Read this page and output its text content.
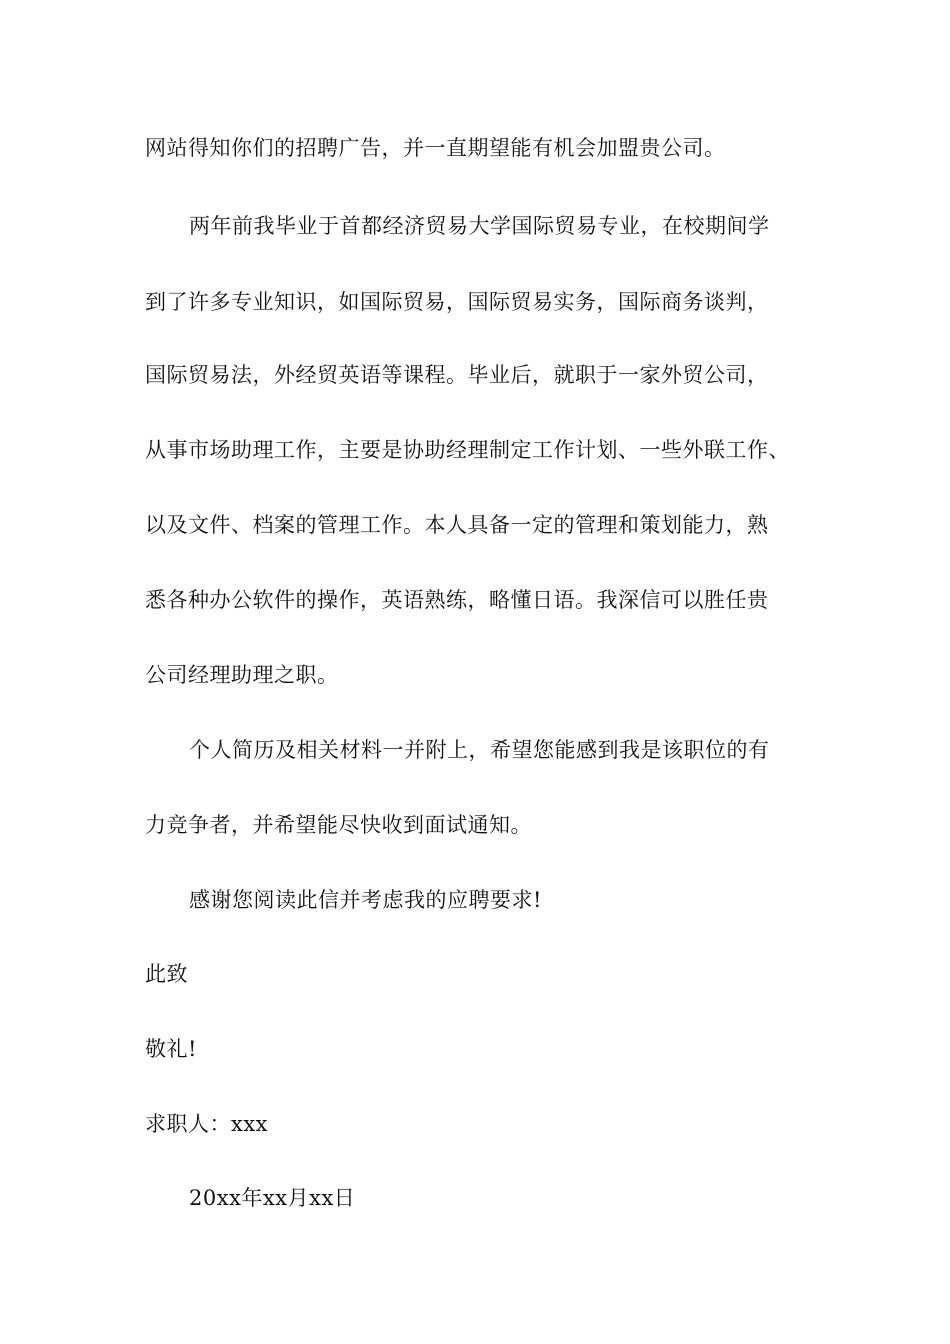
网站得知你们的招聘广告，并一直期望能有机会加盟贵公司。
两年前我毕业于首都经济贸易大学国际贸易专业，在校期间学
到了许多专业知识，如国际贸易，国际贸易实务，国际商务谈判，
国际贸易法，外经贸英语等课程。毕业后，就职于一家外贸公司，
从事市场助理工作，主要是协助经理制定工作计划、一些外联工作、
以及文件、档案的管理工作。本人具备一定的管理和策划能力，熟
悉各种办公软件的操作，英语熟练，略懂日语。我深信可以胜任贵
公司经理助理之职。
个人简历及相关材料一并附上，希望您能感到我是该职位的有
力竞争者，并希望能尽快收到面试通知。
感谢您阅读此信并考虑我的应聘要求!
此致
敬礼!
求职人：xxx
20xx年xx月xx日
